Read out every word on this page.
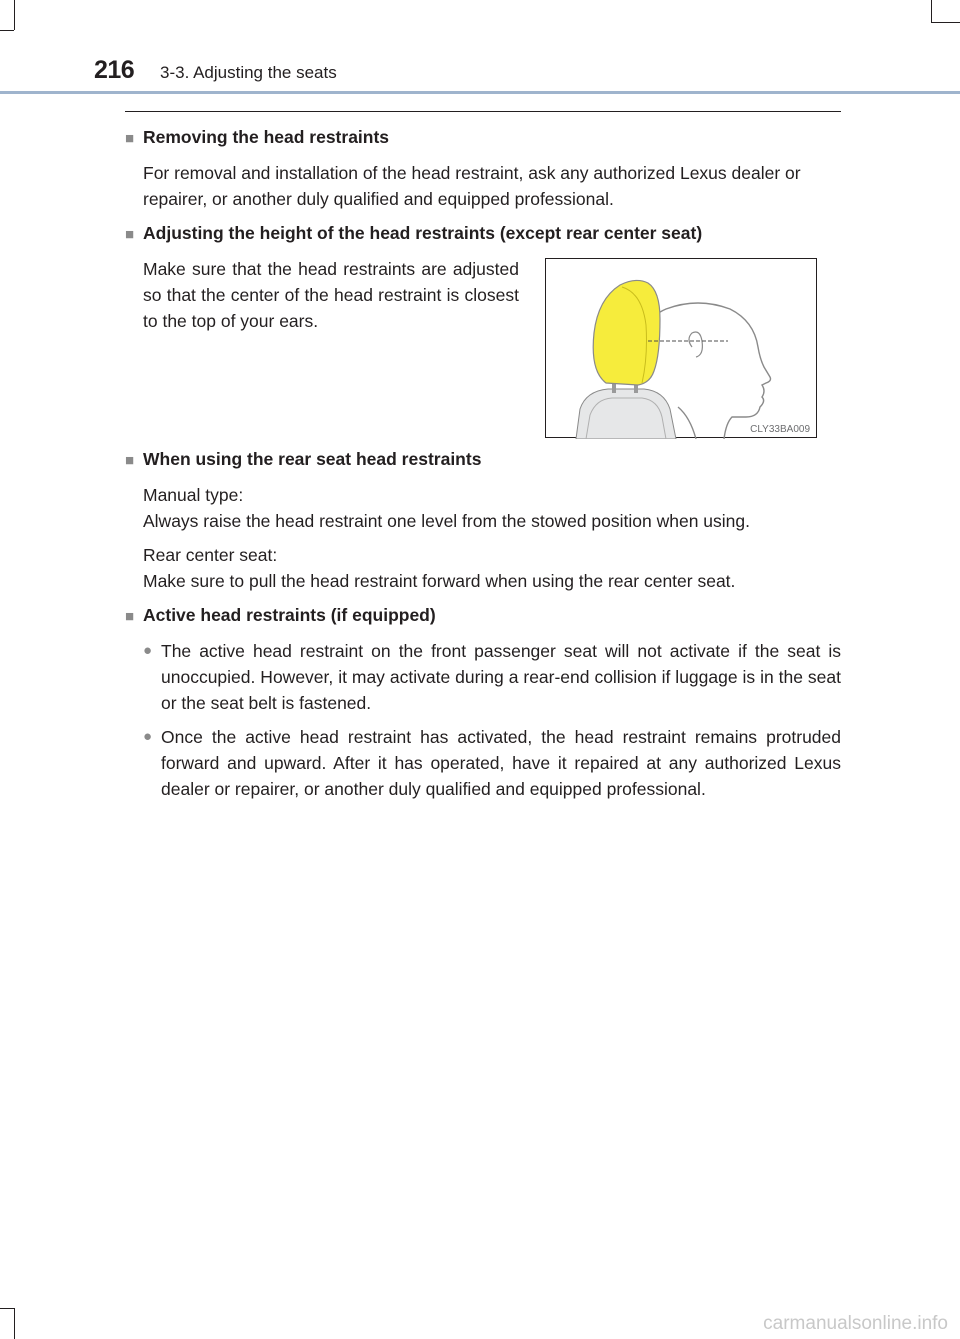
216 3-3. Adjusting the seats
■ Removing the head restraints
For removal and installation of the head restraint, ask any authorized Lexus dealer or repairer, or another duly qualified and equipped professional.
■ Adjusting the height of the head restraints (except rear center seat)
Make sure that the head restraints are adjusted so that the center of the head restraint is closest to the top of your ears.
CLY33BA009
■ When using the rear seat head restraints
Manual type:
Always raise the head restraint one level from the stowed position when using.
Rear center seat:
Make sure to pull the head restraint forward when using the rear center seat.
■ Active head restraints (if equipped)
● The active head restraint on the front passenger seat will not activate if the seat is unoccupied. However, it may activate during a rear-end collision if luggage is in the seat or the seat belt is fastened.
● Once the active head restraint has activated, the head restraint remains protruded forward and upward. After it has operated, have it repaired at any authorized Lexus dealer or repairer, or another duly qualified and equipped professional.
carmanualsonline.info
